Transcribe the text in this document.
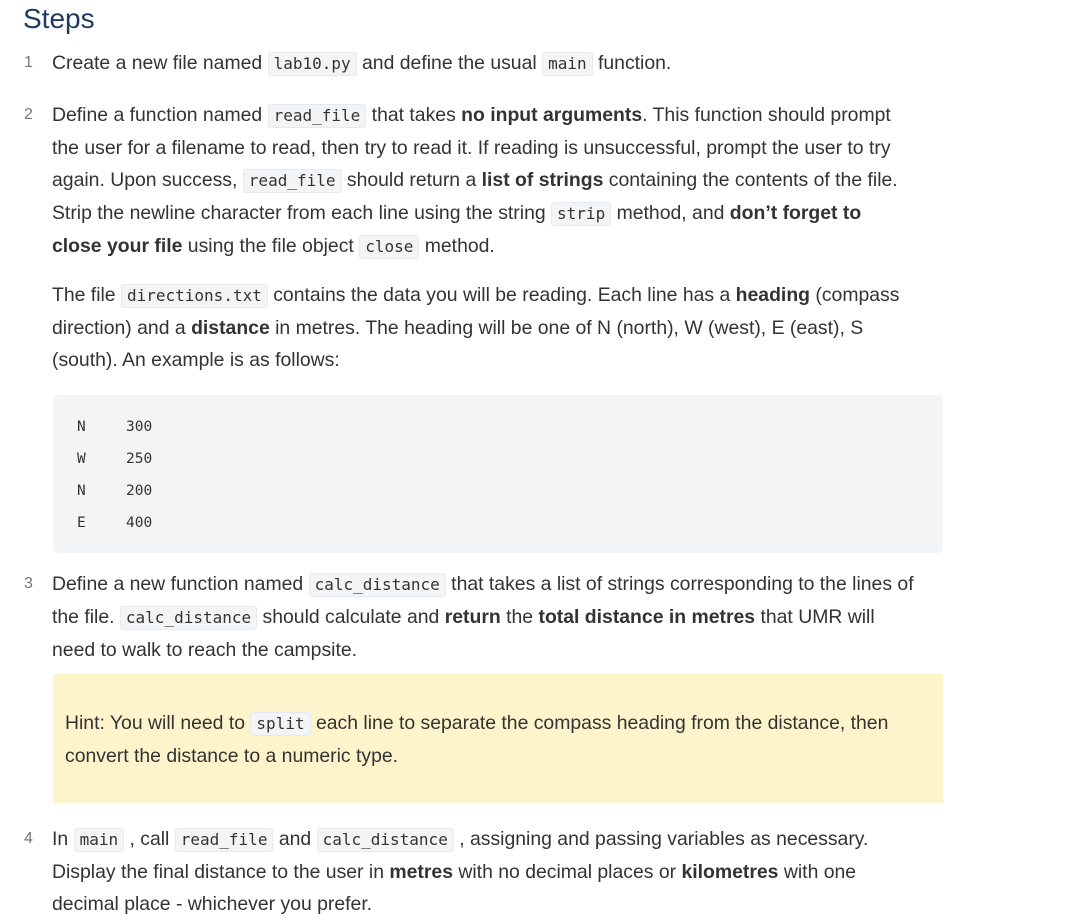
Steps
1 Create a new file named lab10.py and define the usual main function.
2 Define a function named read_file that takes no input arguments. This function should prompt
the user for a filename to read, then try to read it. If reading is unsuccessful, prompt the user to try
again. Upon success, read_file should return a list of strings containing the contents of the file.
Strip the newline character from each line using the string strip method, and don’t forget to
close your file using the file object close method.
The file directions.txt contains the data you will be reading. Each line has a heading (compass
direction) and a distance in metres. The heading will be one of N (north), W (west), E (east), S
(south). An example is as follows:
N	300
W	250
N	200
E	400
3 Define a new function named calc_distance that takes a list of strings corresponding to the lines of
the file. calc_distance should calculate and return the total distance in metres that UMR will
need to walk to reach the campsite.
Hint: You will need to split each line to separate the compass heading from the distance, then
convert the distance to a numeric type.
4 In main , call read_file and calc_distance , assigning and passing variables as necessary.
Display the final distance to the user in metres with no decimal places or kilometres with one
decimal place - whichever you prefer.
